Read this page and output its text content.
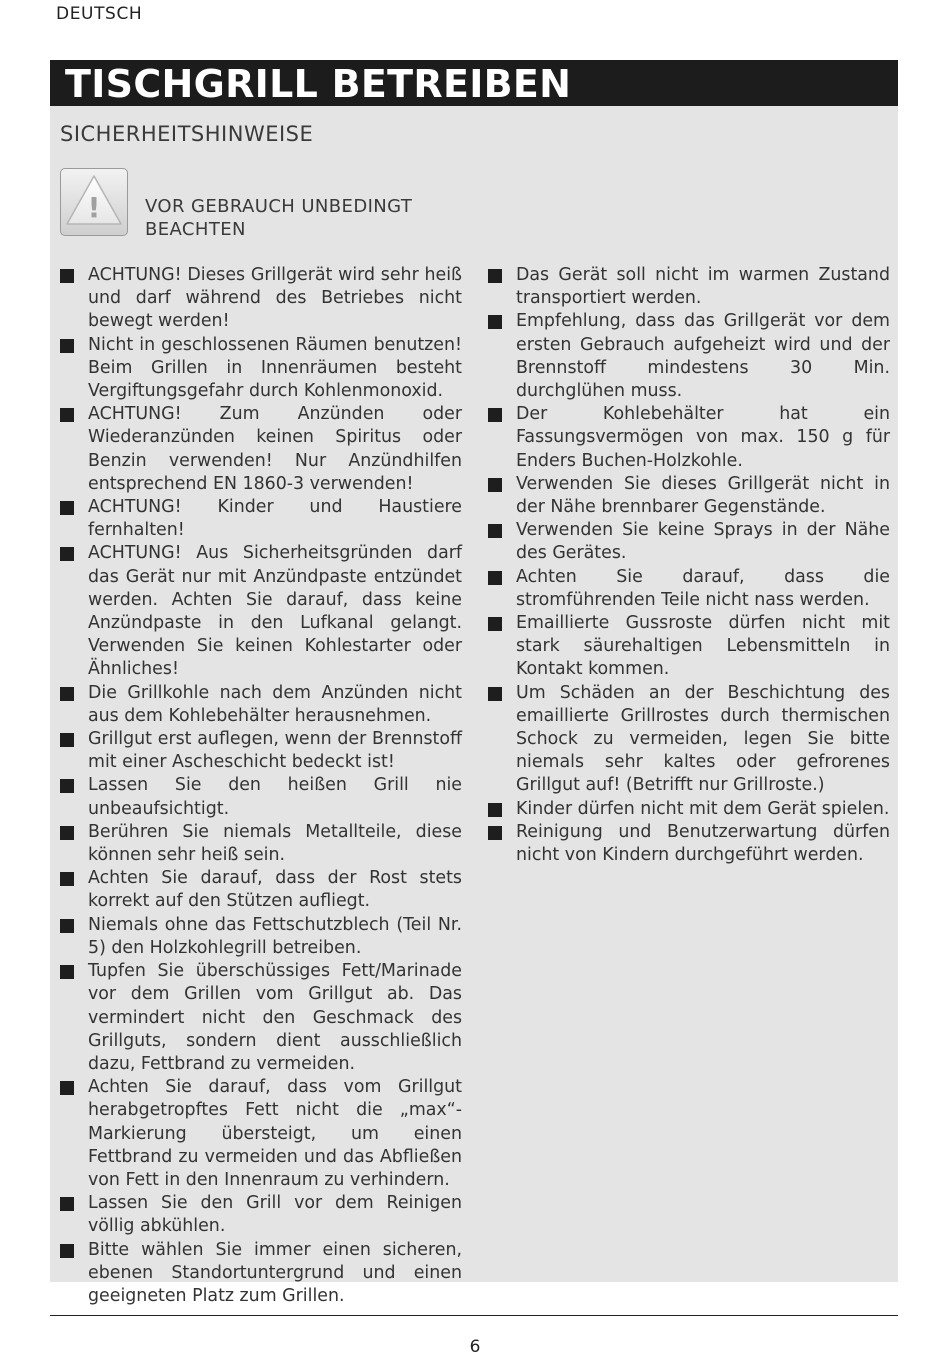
DEUTSCH
TISCHGRILL BETREIBEN
SICHERHEITSHINWEISE
! VOR GEBRAUCH UNBEDINGT BEACHTEN
ACHTUNG! Dieses Grillgerät wird sehr heiß und darf während des Betriebes nicht bewegt werden!
Nicht in geschlossenen Räumen benutzen! Beim Grillen in Innenräumen besteht Vergiftungsgefahr durch Kohlenmonoxid.
ACHTUNG! Zum Anzünden oder Wiederanzünden keinen Spiritus oder Benzin verwenden! Nur Anzündhilfen entsprechend EN 1860-3 verwenden!
ACHTUNG! Kinder und Haustiere fernhalten!
ACHTUNG! Aus Sicherheitsgründen darf das Gerät nur mit Anzündpaste entzündet werden. Achten Sie darauf, dass keine Anzündpaste in den Lufkanal gelangt. Verwenden Sie keinen Kohlestarter oder Ähnliches!
Die Grillkohle nach dem Anzünden nicht aus dem Kohlebehälter herausnehmen.
Grillgut erst auflegen, wenn der Brennstoff mit einer Ascheschicht bedeckt ist!
Lassen Sie den heißen Grill nie unbeaufsichtigt.
Berühren Sie niemals Metallteile, diese können sehr heiß sein.
Achten Sie darauf, dass der Rost stets korrekt auf den Stützen aufliegt.
Niemals ohne das Fettschutzblech (Teil Nr. 5) den Holzkohlegrill betreiben.
Tupfen Sie überschüssiges Fett/Marinade vor dem Grillen vom Grillgut ab. Das vermindert nicht den Geschmack des Grillguts, sondern dient ausschließlich dazu, Fettbrand zu vermeiden.
Achten Sie darauf, dass vom Grillgut herabgetropftes Fett nicht die „max“-Markierung übersteigt, um einen Fettbrand zu vermeiden und das Abfließen von Fett in den Innenraum zu verhindern.
Lassen Sie den Grill vor dem Reinigen völlig abkühlen.
Bitte wählen Sie immer einen sicheren, ebenen Standortuntergrund und einen geeigneten Platz zum Grillen.
Das Gerät soll nicht im warmen Zustand transportiert werden.
Empfehlung, dass das Grillgerät vor dem ersten Gebrauch aufgeheizt wird und der Brennstoff mindestens 30 Min. durchglühen muss.
Der Kohlebehälter hat ein Fassungsvermögen von max. 150 g für Enders Buchen-Holzkohle.
Verwenden Sie dieses Grillgerät nicht in der Nähe brennbarer Gegenstände.
Verwenden Sie keine Sprays in der Nähe des Gerätes.
Achten Sie darauf, dass die stromführenden Teile nicht nass werden.
Emaillierte Gussroste dürfen nicht mit stark säurehaltigen Lebensmitteln in Kontakt kommen.
Um Schäden an der Beschichtung des emaillierte Grillrostes durch thermischen Schock zu vermeiden, legen Sie bitte niemals sehr kaltes oder gefrorenes Grillgut auf! (Betrifft nur Grillroste.)
Kinder dürfen nicht mit dem Gerät spielen.
Reinigung und Benutzerwartung dürfen nicht von Kindern durchgeführt werden.
6
